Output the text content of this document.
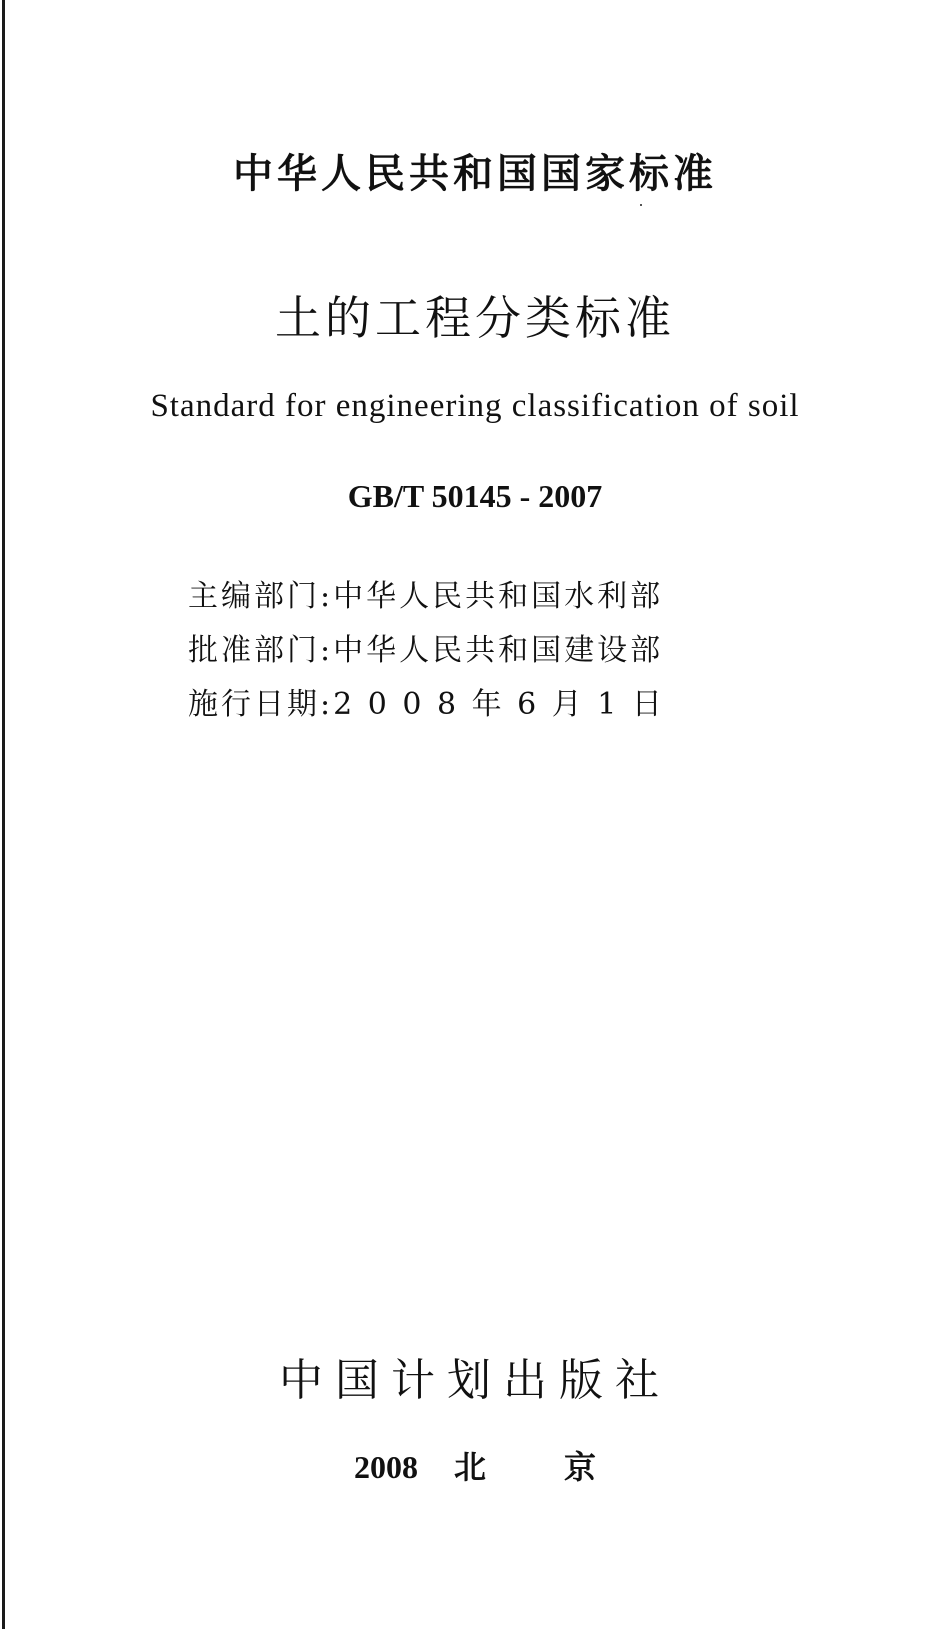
中华人民共和国国家标准
土的工程分类标准
Standard for engineering classification of soil
GB/T 50145 - 2007
主编部门:中华人民共和国水利部
批准部门:中华人民共和国建设部
施行日期:2 0 0 8 年 6 月 1 日
中国计划出版社
2008 北 京
